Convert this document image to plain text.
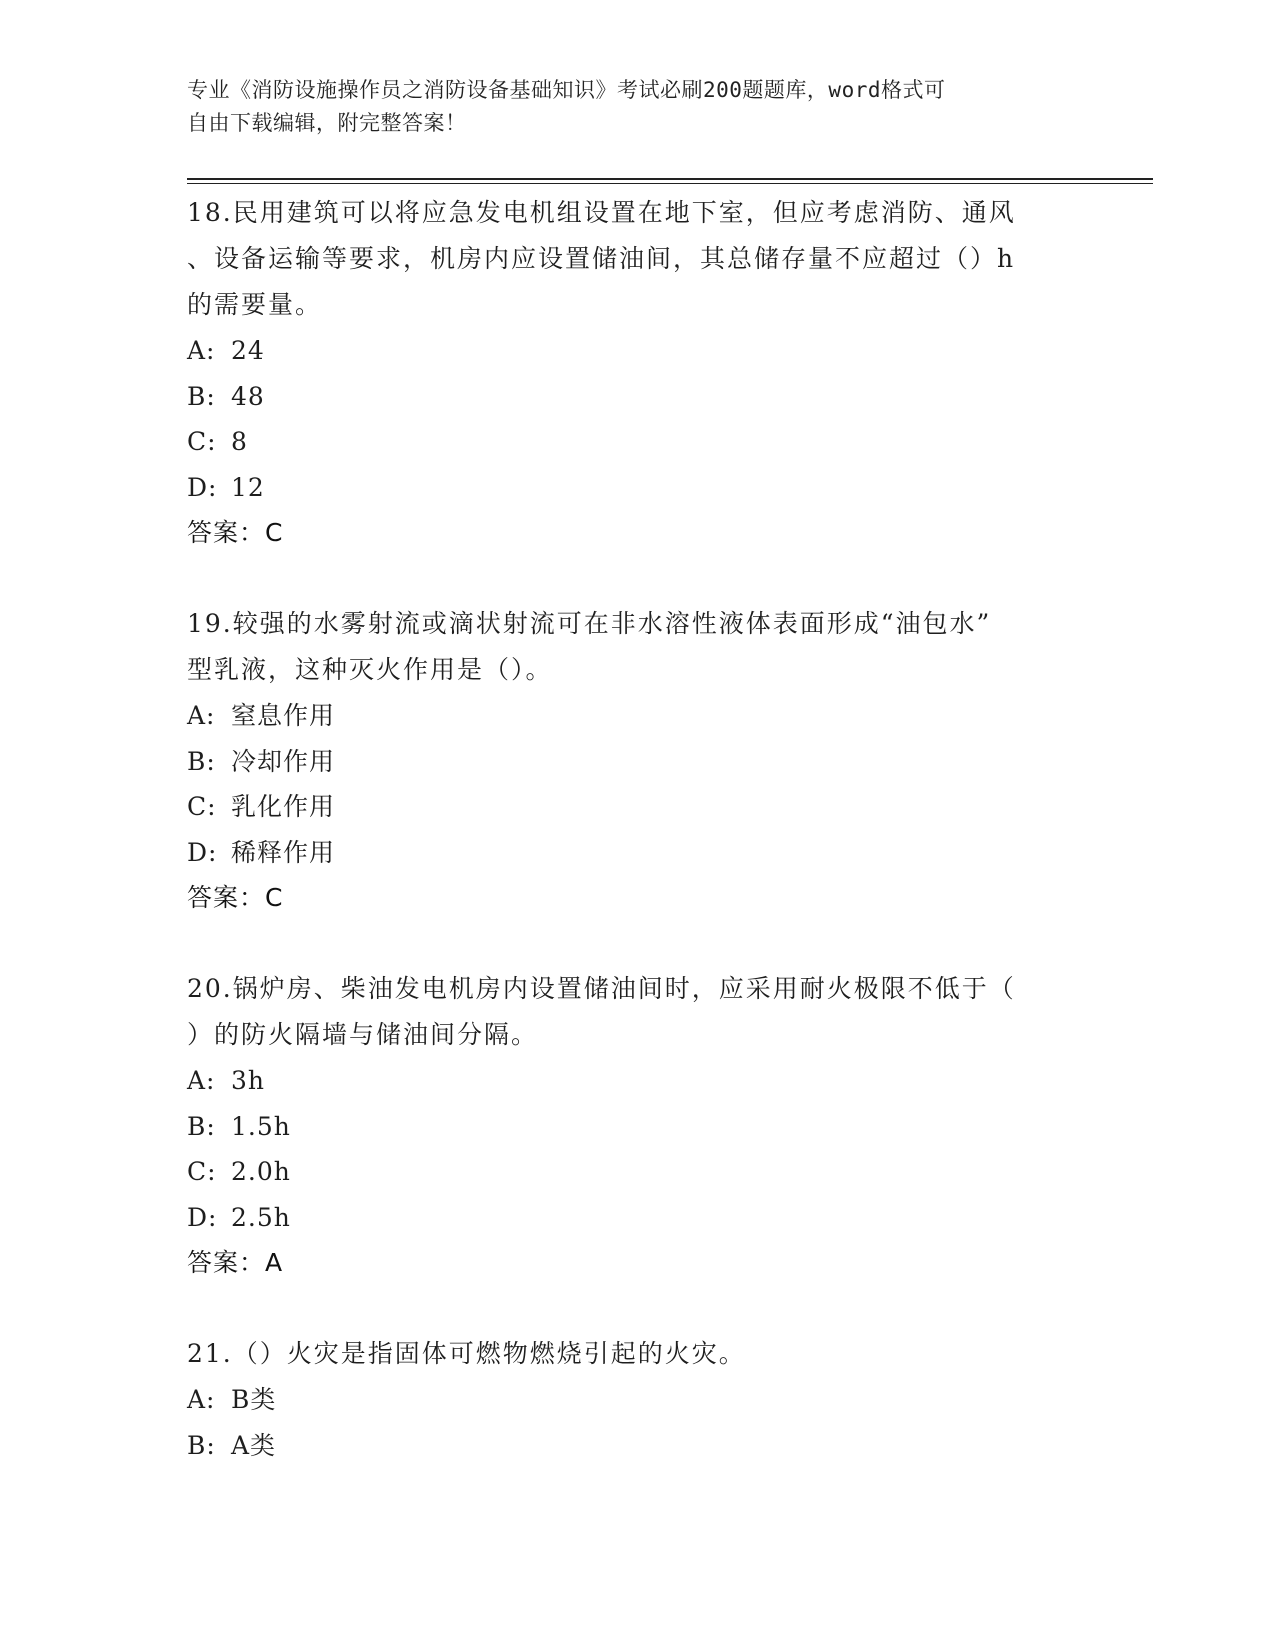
专业《消防设施操作员之消防设备基础知识》考试必刷200题题库，word格式可
自由下载编辑，附完整答案！
18.民用建筑可以将应急发电机组设置在地下室，但应考虑消防、通风
、设备运输等要求，机房内应设置储油间，其总储存量不应超过（）h
的需要量。
A: 24
B: 48
C: 8
D: 12
答案：C
19.较强的水雾射流或滴状射流可在非水溶性液体表面形成“油包水”
型乳液，这种灭火作用是（）。
A: 窒息作用
B: 冷却作用
C: 乳化作用
D: 稀释作用
答案：C
20.锅炉房、柴油发电机房内设置储油间时，应采用耐火极限不低于（
）的防火隔墙与储油间分隔。
A: 3h
B: 1.5h
C: 2.0h
D: 2.5h
答案：A
21.（）火灾是指固体可燃物燃烧引起的火灾。
A: B类
B: A类
